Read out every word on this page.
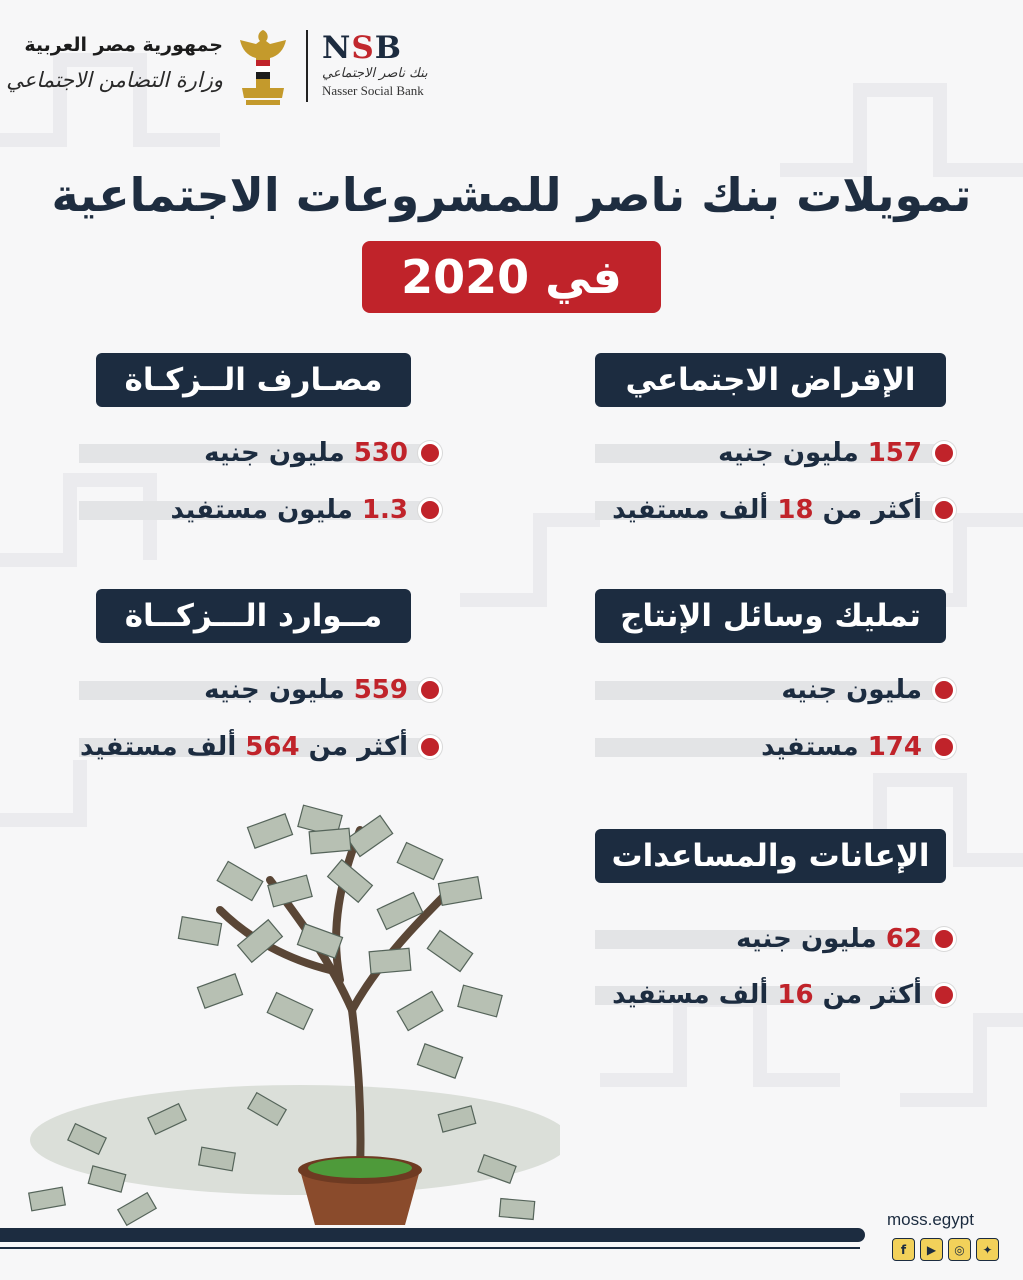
جمهورية مصر العربية
وزارة التضامن الاجتماعي
NSB
بنك ناصر الاجتماعي
Nasser Social Bank
تمويلات بنك ناصر للمشروعات الاجتماعية
في 2020
الإقراض الاجتماعي
157 مليون جنيه
أكثر من 18 ألف مستفيد
تمليك وسائل الإنتاج
مليون جنيه
174 مستفيد
الإعانات والمساعدات
62 مليون جنيه
أكثر من 16 ألف مستفيد
مصـارف الــزكـاة
530 مليون جنيه
1.3 مليون مستفيد
مــوارد الـــزكــاة
559 مليون جنيه
أكثر من 564 ألف مستفيد
moss.egypt
f	▶	◎	✦
